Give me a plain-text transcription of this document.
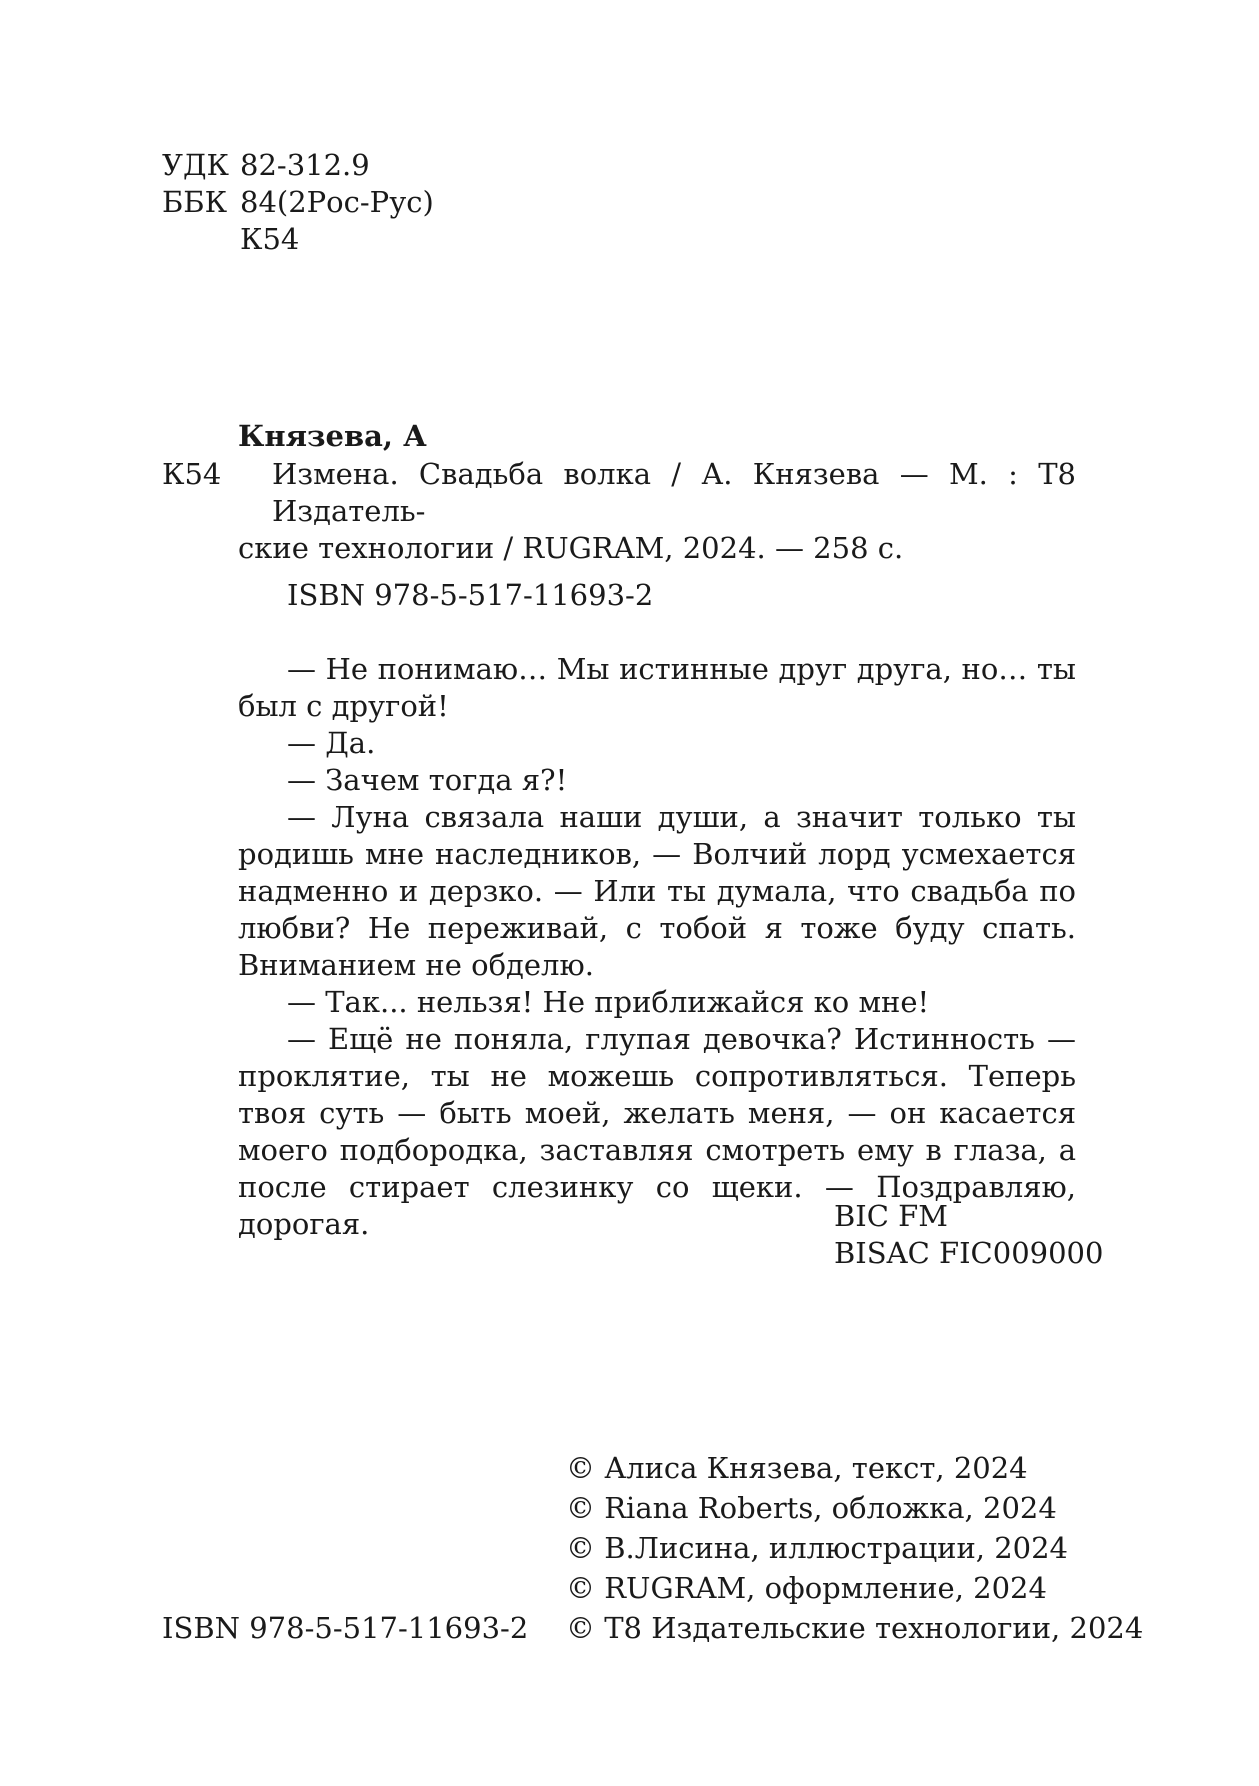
УДК 82-312.9
ББК 84(2Рос-Рус)
К54
Князева, А
К54 Измена. Свадьба волка / А. Князева — М. : Т8 Издатель-

ские технологии / RUGRAM, 2024. — 258 с.

ISBN 978-5-517-11693-2

— Не понимаю… Мы истинные друг друга, но… ты был с другой!

— Да.

— Зачем тогда я?!

— Луна связала наши души, а значит только ты родишь мне наследников, — Волчий лорд усмехается надменно и дерзко. — Или ты думала, что свадьба по любви? Не переживай, с тобой я тоже буду спать. Вниманием не обделю.

— Так... нельзя! Не приближайся ко мне!

— Ещё не поняла, глупая девочка? Истинность — проклятие, ты не можешь сопротивляться. Теперь твоя суть — быть моей, желать меня, — он касается моего подбородка, заставляя смотреть ему в глаза, а после стирает слезинку со щеки. — Поздравляю, дорогая.	BIC FM
BISAC FIC009000
© Алиса Князева, текст, 2024
© Riana Roberts, обложка, 2024
© В.Лисина, иллюстрации, 2024
© RUGRAM, оформление, 2024
© Т8 Издательские технологии, 2024
ISBN 978-5-517-11693-2
